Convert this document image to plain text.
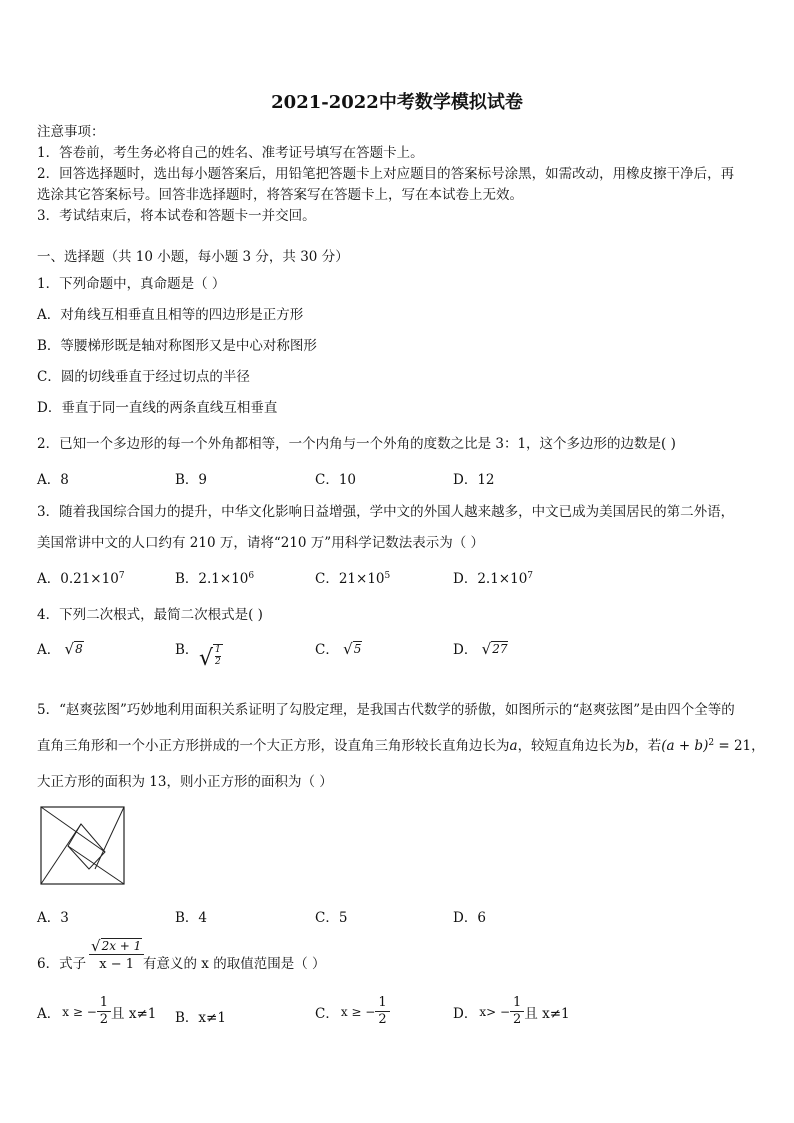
2021-2022中考数学模拟试卷
注意事项：
1．答卷前，考生务必将自己的姓名、准考证号填写在答题卡上。
2．回答选择题时，选出每小题答案后，用铅笔把答题卡上对应题目的答案标号涂黑，如需改动，用橡皮擦干净后，再
选涂其它答案标号。回答非选择题时，将答案写在答题卡上，写在本试卷上无效。
3．考试结束后，将本试卷和答题卡一并交回。
一、选择题（共 10 小题，每小题 3 分，共 30 分）
1．下列命题中，真命题是（ ）
A．对角线互相垂直且相等的四边形是正方形
B．等腰梯形既是轴对称图形又是中心对称图形
C．圆的切线垂直于经过切点的半径
D．垂直于同一直线的两条直线互相垂直
2．已知一个多边形的每一个外角都相等，一个内角与一个外角的度数之比是 3：1，这个多边形的边数是( )
A．8	B．9	C．10	D．12
3．随着我国综合国力的提升，中华文化影响日益增强，学中文的外国人越来越多，中文已成为美国居民的第二外语，
美国常讲中文的人口约有 210 万，请将“210 万”用科学记数法表示为（ ）
A．$0.21\times 10^7$	B．$2.1\times 10^6$	C．$21\times 10^5$	D．$2.1\times 10^7$
4．下列二次根式，最简二次根式是( )
A． √ 8	B． √ 1
2
C． √ 5	D． √ 27
5．“赵爽弦图”巧妙地利用面积关系证明了勾股定理，是我国古代数学的骄傲，如图所示的“赵爽弦图”是由四个全等的
直角三角形和一个小正方形拼成的一个大正方形，设直角三角形较长直角边长为a，较短直角边长为b，若$(a + b)^2 = 21$，
大正方形的面积为 13，则小正方形的面积为（ ）
A．3	B．4	C．5	D．6
6．式子
√ 2x + 1
x − 1 有意义的 x 的取值范围是（ ）
A． x ≥ − $\frac{1}{2}$ 且 x≠1 B．x≠1	C． x ≥ − $\frac{1}{2}$	D． $x> - \frac{1}{2}$ 且 x≠1
